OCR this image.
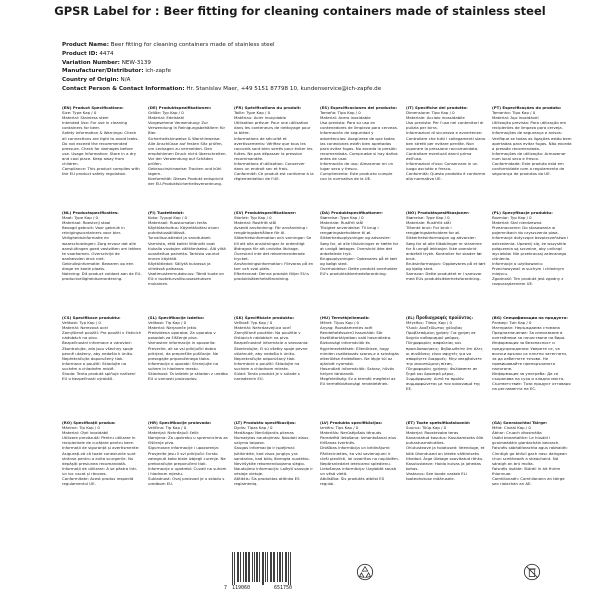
GPSR Label for : Beer fitting for cleaning containers made of stainless steel
Product Name: Beer fitting for cleaning containers made of stainless steel
Product ID: 4474
Variation Number: NEW-3139
Manufacturer/Distributor: ich-zapfe
Country of Origin: N/A
Contact Person & Contact Information: Hr. Stanislav Maer, +49 5151 87798 10, kundenservice@ich-zapfe.de
(EN) Product Specifications:
Size: Type Kap / 0
Material: Stainless steel
Intended Use: For use in cleaning containers for beer.
Safety Information & Warnings: Check all connections are tight to avoid leaks. Do not exceed the recommended pressure. Check for damages before use. Usage Information: Store in a dry and cool place. Keep away from children.
Compliance: This product complies with the EU product safety regulation.
(DE) Produktspezifikationen:
Größe: Typ Kap / 0
Material: Edelstahl
Vorgesehene Verwendung: Zur Verwendung in Reinigungsbehältern für Bier.
Sicherheitshinweise & Warnhinweise: Alle Anschlüsse auf festen Sitz prüfen, um Leckagen zu vermeiden. Den empfohlenen Druck nicht überschreiten. Vor der Verwendung auf Schäden prüfen.
Gebrauchshinweise: Trocken und kühl lagern.
Konformität: Dieses Produkt entspricht der EU-Produktsicherheitsverordnung.
(FR) Spécifications du produit:
Taille: Type Kap / 0
Matériau: Acier inoxydable
Utilisation prévue: Pour une utilisation dans les conteneurs de nettoyage pour la bière.
Informations de sécurité et avertissements: Vérifiez que tous les raccords sont bien serrés pour éviter les fuites. Ne pas dépasser la pression recommandée.
Informations d'utilisation: Conserver dans un endroit sec et frais.
Conformité: Ce produit est conforme à la réglementation de l'UE.
(ES) Especificaciones del producto:
Tamaño: Tipo Kap / 0
Material: Acero inoxidable
Uso previsto: Para su uso en contenedores de limpieza para cerveza.
Información de seguridad y advertencias: Asegúrese de que todas las conexiones estén bien apretadas para evitar fugas. No exceda la presión recomendada. Compruebe si hay daños antes de usar.
Información de uso: Almacenar en un lugar seco y fresco.
Cumplimiento: Este producto cumple con la normativa de la UE.
(IT) Specifiche del prodotto:
Dimensione: Tipo Kap / 0
Materiale: Acciaio inossidabile
Uso previsto: Per l'uso nei contenitori di pulizia per birra.
Informazioni di sicurezza e avvertenze: Controllare che tutti i collegamenti siano ben stretti per evitare perdite. Non superare la pressione raccomandata. Controllare eventuali danni prima dell'uso.
Informazioni d'uso: Conservare in un luogo asciutto e fresco.
Conformità: Questo prodotto è conforme alla normativa UE.
(PT) Especificações do produto:
Tamanho: Tipo Kap / 0
Material: Aço inoxidável
Utilização prevista: Para utilização em recipientes de limpeza para cerveja.
Informações de segurança e avisos: Verifique se todas as ligações estão bem apertadas para evitar fugas. Não exceda a pressão recomendada.
Informações de utilização: Armazenar num local seco e fresco.
Conformidade: Este produto está em conformidade com o regulamento de segurança de produtos da UE.
(NL) Productspecificaties:
Maat: Type Kap / 0
Materiaal: Roestvrij staal
Beoogd gebruik: Voor gebruik in reinigingscontainers voor bier.
Veiligheidsinformatie en waarschuwingen: Zorg ervoor dat alle aansluitingen goed vastzitten om lekken te voorkomen. Overschrijd de aanbevolen druk niet.
Gebruiksinformatie: Bewaren op een droge en koele plaats.
Naleving: Dit product voldoet aan de EU-productveiligheidsverordening.
(FI) Tuotetiedot:
Koko: Tyyppi Kap / 0
Materiaali: Ruostumaton teräs
Käyttötarkoitus: Käytettäväksi oluen puhdistussäiliöissä.
Turvallisuustiedot ja varoitukset: Varmista, että kaikki liitännät ovat tiukalla vuotojen välttämiseksi. Älä ylitä suositeltua painetta. Tarkista vauriot ennen käyttöä.
Käyttötiedot: Säilytä kuivassa ja viileässä paikassa.
Vaatimustenmukaisuus: Tämä tuote on EU:n tuoteturvallisuusasetuksen mukainen.
(SV) Produktspecifikationer:
Storlek: Typ Kap / 0
Material: Rostfritt stål
Avsedd användning: För användning i rengöringsbehållare för öl.
Säkerhetsinformation och varningar: Se till att alla anslutningar är ordentligt åtdragna för att undvika läckage. Överskrid inte det rekommenderade trycket.
Användningsinformation: Förvaras på en torr och sval plats.
Efterlevnad: Denna produkt följer EU:s produktsäkerhetsförordning.
(DA) Produktspecifikationer:
Størrelse: Type Kap / 0
Materiale: Rustfrit stål
Tilsigtet anvendelse: Til brug i rengøringsbeholdere til øl.
Sikkerhedsoplysninger og advarsler: Sørg for, at alle tilslutninger er tætte for at undgå lækager. Overskrid ikke det anbefalede tryk.
Brugsoplysninger: Opbevares på et tørt og køligt sted.
Overholdelse: Dette produkt overholder EU's produktsikkerhedsforordning.
(NO) Produktspesifikasjoner:
Størrelse: Type Kap / 0
Materiale: Rustfritt stål
Tiltenkt bruk: For bruk i rengjøringsbeholdere for øl.
Sikkerhetsinformasjon og advarsler: Sørg for at alle tilkoblinger er stramme for å unngå lekkasjer. Ikke overskrid anbefalt trykk. Kontroller for skader før bruk.
Bruksinformasjon: Oppbevares på et tørt og kjølig sted.
Samsvar: Dette produktet er i samsvar med EUs produktsikkerhetsforordning.
(PL) Specyfikacje produktu:
Rozmiar: Typ Kap / 0
Materiał: Stal nierdzewna
Przeznaczenie: Do stosowania w pojemnikach do czyszczenia piwa.
Informacje dotyczące bezpieczeństwa i ostrzeżenia: Upewnij się, że wszystkie połączenia są szczelne, aby uniknąć wycieków. Nie przekraczaj zalecanego ciśnienia.
Informacje o użytkowaniu: Przechowywać w suchym i chłodnym miejscu.
Zgodność: Ten produkt jest zgodny z rozporządzeniem UE.
(CS) Specifikace produktu:
Velikost: Typ Kap / 0
Materiál: Nerezová ocel
Zamýšlené použití: Pro použití v čisticích nádobách na pivo.
Bezpečnostní informace a varování: Zkontrolujte, zda jsou všechny spoje pevně utaženy, aby nedošlo k úniku. Nepřekračujte doporučený tlak.
Informace o použití: Skladujte na suchém a chladném místě.
Shoda: Tento produkt splňuje nařízení EU o bezpečnosti výrobků.
(SL) Specifikacije izdelka:
Velikost: Tip Kap / 0
Material: Nerjaveče jeklo
Predvidena uporaba: Za uporabo v posodah za čiščenje piva.
Varnostne informacije in opozorila: Preverite, ali so vsi priključki dobro pritrjeni, da preprečite puščanje. Ne presegajte priporočenega tlaka.
Informacije o uporabi: Shranjujte na suhem in hladnem mestu.
Skladnost: Ta izdelek je skladen z uredbo EU o varnosti proizvodov.
(SK) Špecifikácie produktu:
Veľkosť: Typ Kap / 0
Materiál: Nehrdzavejúca oceľ
Zamýšľané použitie: Na použitie v čistiacich nádobách na pivo.
Bezpečnostné informácie a varovania: Skontrolujte, či sú všetky spoje pevne utiahnuté, aby nedošlo k úniku. Neprekračujte odporúčaný tlak.
Informácie o použití: Skladujte na suchom a chladnom mieste.
Súlad: Tento produkt je v súlade s nariadením EÚ.
(HU) Termékjellemzők:
Méret: Típus Kap / 0
Anyag: Rozsdamentes acél
Rendeltetésszerű használat: Sör tisztítótartályaiban való használatra.
Biztonsági információk és figyelmeztetések: Ellenőrizze, hogy minden csatlakozás szoros-e a szivárgás elkerülése érdekében. Ne lépje túl az ajánlott nyomást.
Használati információk: Száraz, hűvös helyen tárolandó.
Megfelelőség: Ez a termék megfelel az EU termékbiztonsági rendeletének.
(EL) Προδιαγραφές προϊόντος:
Μέγεθος: Τύπος Kap / 0
Υλικό: Ανοξείδωτος χάλυβας
Προβλεπόμενη χρήση: Για χρήση σε δοχεία καθαρισμού μπύρας.
Πληροφορίες ασφαλείας και προειδοποιήσεις: Βεβαιωθείτε ότι όλες οι συνδέσεις είναι σφιχτές για να αποφύγετε διαρροές. Μην υπερβαίνετε την συνιστώμενη πίεση.
Πληροφορίες χρήσης: Φυλάσσετε σε ξηρό και δροσερό μέρος.
Συμμόρφωση: Αυτό το προϊόν συμμορφώνεται με τον κανονισμό της ΕΕ.
(BG) Спецификации на продукта:
Размер: Тип Kap / 0
Материал: Неръждаема стомана
Предназначение: За използване в контейнери за почистване на бира.
Информация за безопасност и предупреждения: Уверете се, че всички връзки са плътно затегнати, за да избегнете течове. Не превишавайте препоръчаното налягане.
Информация за употреба: Да се съхранява на сухо и хладно място.
Съответствие: Този продукт отговаря на регламента на ЕС.
(RO) Specificații produs:
Mărime: Tip Kap / 0
Material: Oțel inoxidabil
Utilizare prevăzută: Pentru utilizare în recipientele de curățare pentru bere.
Informații de siguranță și avertismente: Asigurați-vă că toate conexiunile sunt strânse pentru a evita scurgerile. Nu depășiți presiunea recomandată.
Informații de utilizare: A se păstra într-un loc uscat și răcoros.
Conformitate: Acest produs respectă regulamentul UE.
(HR) Specifikacije proizvoda:
Veličina: Tip Kap / 0
Materijal: Nehrđajući čelik
Namjena: Za upotrebu u spremnicima za čišćenje piva.
Sigurnosne informacije i upozorenja: Provjerite jesu li svi priključci čvrsto zategnuti kako biste izbjegli curenje. Ne prekoračujte preporučeni tlak.
Informacije o upotrebi: Čuvati na suhom i hladnom mjestu.
Sukladnost: Ovaj proizvod je u skladu s uredbom EU.
(LT) Produkto specifikacijos:
Dydis: Tipas Kap / 0
Medžiaga: Nerūdijantis plienas
Numatytas naudojimas: Naudoti alaus valymo talpose.
Saugos informacija ir įspėjimai: Įsitikinkite, kad visos jungtys yra sandarios, kad būtų išvengta nuotėkio. Neviršykite rekomenduojamo slėgio.
Naudojimo informacija: Laikyti sausoje ir vėsioje vietoje.
Atitiktis: Šis produktas atitinka ES reglamentą.
(LV) Produkta specifikācijas:
Izmērs: Tips Kap / 0
Materiāls: Nerūsējošais tērauds
Paredzētā lietošana: Izmantošanai alus tīrīšanas tvertnēs.
Drošības informācija un brīdinājumi: Pārliecinieties, ka visi savienojumi ir cieši pievilkti, lai izvairītos no noplūdēm. Nepārsniedziet ieteicamo spiedienu.
Lietošanas informācija: Uzglabāt sausā un vēsā vietā.
Atbilstība: Šis produkts atbilst ES regulai.
(ET) Toote spetsifikatsioonid:
Suurus: Tüüp Kap / 0
Materjal: Roostevaba teras
Kavandatud kasutus: Kasutamiseks õlle puhastusmahutites.
Ohutusteave ja hoiatused: Veenduge, et kõik ühendused on lekete vältimiseks tihedad. Ärge ületage soovitatud rõhku.
Kasutusteave: Hoida kuivas ja jahedas kohas.
Vastavus: See toode vastab ELi tooteohutuse määrusele.
(GA) Sonraíochtaí Táirge:
Méid: Cineál Kap / 0
Ábhar: Cruach dhosmálta
Úsáid bheartaithe: Le húsáid i gcoimeádáin glantacháin beorach.
Faisnéis sábháilteachta agus rabhaidh: Cinntigh go bhfuil gach nasc daingean chun sceitheadh a sheachaint. Ná sáraigh an brú molta.
Faisnéis úsáide: Stóráil in áit thirim fhionnuar.
Comhlíonadh: Comhlíonann an táirge seo rialachán an AE.
7 119060	651750
